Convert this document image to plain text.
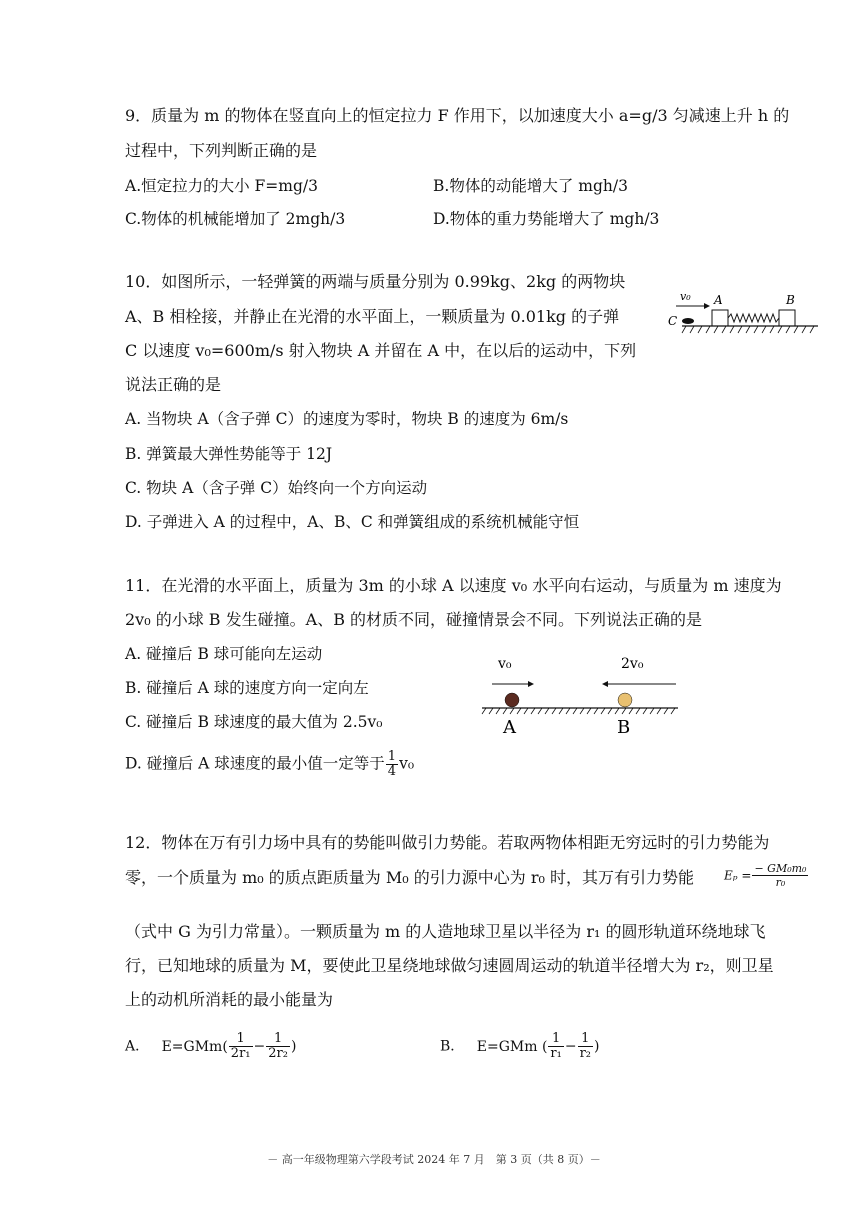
9．质量为 m 的物体在竖直向上的恒定拉力 F 作用下，以加速度大小 a=g/3 匀减速上升 h 的
过程中，下列判断正确的是
A.恒定拉力的大小 F=mg/3	B.物体的动能增大了 mgh/3
C.物体的机械能增加了 2mgh/3	D.物体的重力势能增大了 mgh/3
10．如图所示，一轻弹簧的两端与质量分别为 0.99kg、2kg 的两物块
A、B 相栓接，并静止在光滑的水平面上，一颗质量为 0.01kg 的子弹
C 以速度 v₀=600m/s 射入物块 A 并留在 A 中，在以后的运动中，下列
说法正确的是
A. 当物块 A（含子弹 C）的速度为零时，物块 B 的速度为 6m/s
B. 弹簧最大弹性势能等于 12J
C. 物块 A（含子弹 C）始终向一个方向运动
D. 子弹进入 A 的过程中，A、B、C 和弹簧组成的系统机械能守恒
v₀ A	B
C
11．在光滑的水平面上，质量为 3m 的小球 A 以速度 v₀ 水平向右运动，与质量为 m 速度为
2v₀ 的小球 B 发生碰撞。A、B 的材质不同，碰撞情景会不同。下列说法正确的是
A. 碰撞后 B 球可能向左运动
B. 碰撞后 A 球的速度方向一定向左
C. 碰撞后 B 球速度的最大值为 2.5v₀
D. 碰撞后 A 球速度的最小值一定等于 $\frac{1}{4} v_0$
v₀	2v₀
A	B
12．物体在万有引力场中具有的势能叫做引力势能。若取两物体相距无穷远时的引力势能为
零，一个质量为 m₀ 的质点距质量为 M₀ 的引力源中心为 r₀ 时，其万有引力势能	$E_p = \frac{\text{− GM₀m₀}}{\text{r₀}}$
（式中 G 为引力常量）。一颗质量为 m 的人造地球卫星以半径为 r₁ 的圆形轨道环绕地球飞
行，已知地球的质量为 M，要使此卫星绕地球做匀速圆周运动的轨道半径增大为 r₂，则卫星
上的动机所消耗的最小能量为
A． $E=GMm( \frac{1}{\text{2r₁}} - \frac{1}{\text{2r₂}}$ )	B． E=GMm ( $\frac{1}{\text{r₁}} - \frac{1}{\text{r₂}}$ )
－ 高一年级物理第六学段考试 2024 年 7 月　第 3 页（共 8 页）－
